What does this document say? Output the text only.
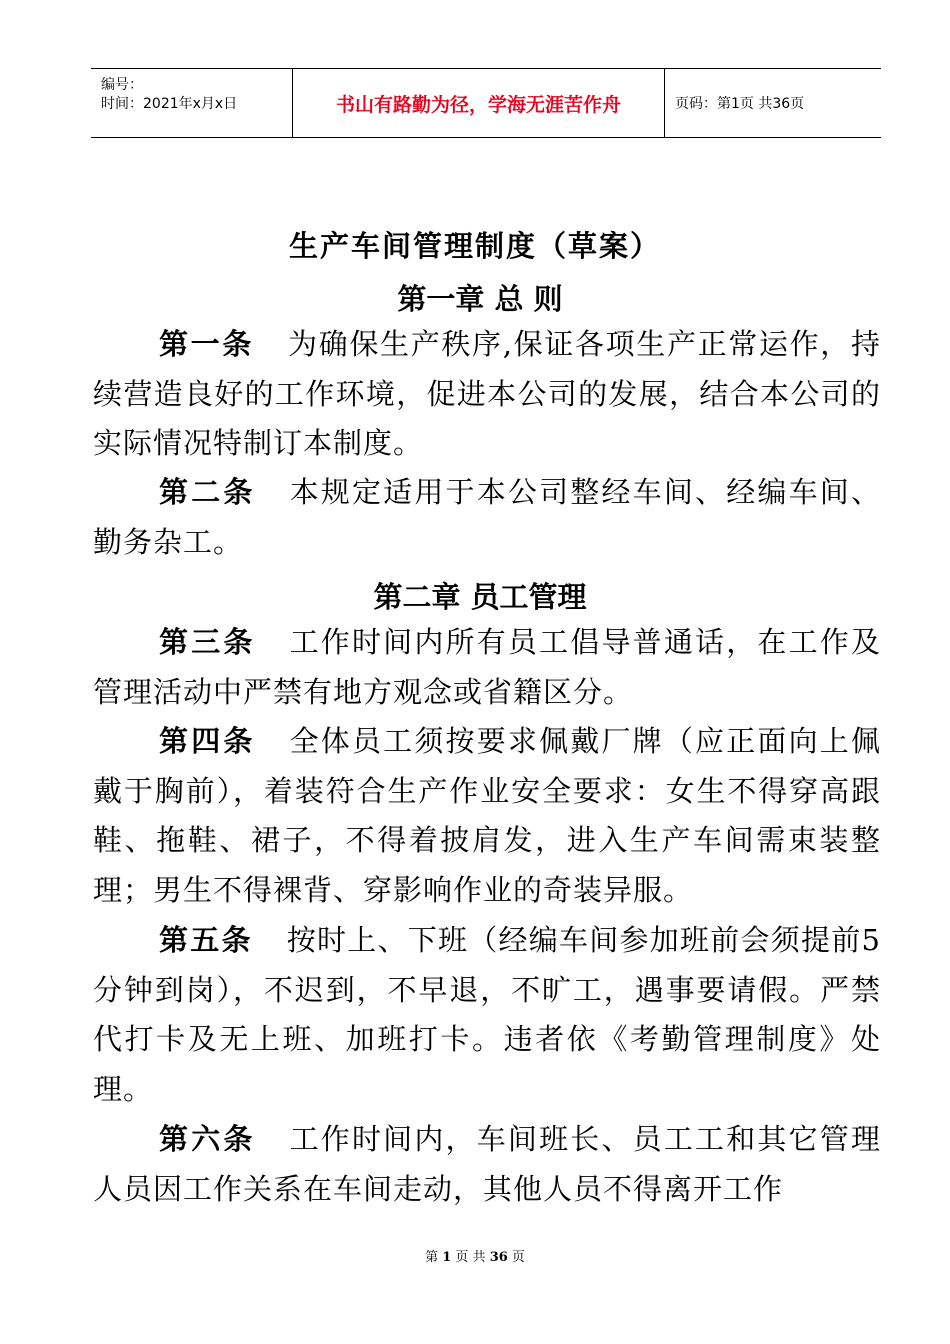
编号：
时间：2021年x月x日	书山有路勤为径，学海无涯苦作舟	页码：第1页 共36页
生产车间管理制度（草案）
第一章 总 则
第一条 为确保生产秩序,保证各项生产正常运作，持续营造良好的工作环境，促进本公司的发展，结合本公司的实际情况特制订本制度。
第二条 本规定适用于本公司整经车间、经编车间、勤务杂工。
第二章 员工管理
第三条 工作时间内所有员工倡导普通话，在工作及管理活动中严禁有地方观念或省籍区分。
第四条 全体员工须按要求佩戴厂牌（应正面向上佩戴于胸前），着装符合生产作业安全要求：女生不得穿高跟鞋、拖鞋、裙子，不得着披肩发，进入生产车间需束装整理；男生不得裸背、穿影响作业的奇装异服。
第五条 按时上、下班（经编车间参加班前会须提前5分钟到岗），不迟到，不早退，不旷工，遇事要请假。严禁代打卡及无上班、加班打卡。违者依《考勤管理制度》处理。
第六条 工作时间内，车间班长、员工工和其它管理人员因工作关系在车间走动，其他人员不得离开工作
第 1 页 共 36 页
